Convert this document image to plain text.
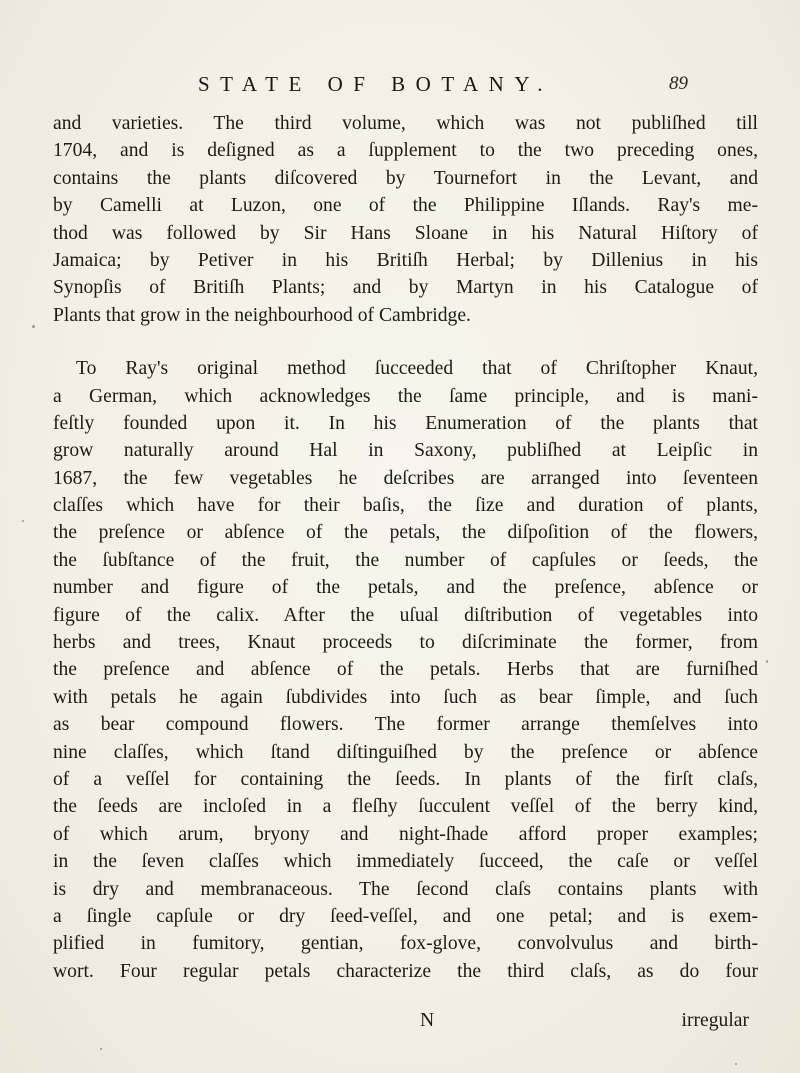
STATE OF BOTANY.	89
and varieties. The third volume, which was not publiſhed till
1704, and is deſigned as a ſupplement to the two preceding ones,
contains the plants diſcovered by Tournefort in the Levant, and
by Camelli at Luzon, one of the Philippine Iſlands. Ray's me-
thod was followed by Sir Hans Sloane in his Natural Hiſtory of
Jamaica; by Petiver in his Britiſh Herbal; by Dillenius in his
Synopſis of Britiſh Plants; and by Martyn in his Catalogue of
Plants that grow in the neighbourhood of Cambridge.
To Ray's original method ſucceeded that of Chriſtopher Knaut,
a German, which acknowledges the ſame principle, and is mani-
feſtly founded upon it. In his Enumeration of the plants that
grow naturally around Hal in Saxony, publiſhed at Leipſic in
1687, the few vegetables he deſcribes are arranged into ſeventeen
claſſes which have for their baſis, the ſize and duration of plants,
the preſence or abſence of the petals, the diſpoſition of the flowers,
the ſubſtance of the fruit, the number of capſules or ſeeds, the
number and figure of the petals, and the preſence, abſence or
figure of the calix. After the uſual diſtribution of vegetables into
herbs and trees, Knaut proceeds to diſcriminate the former, from
the preſence and abſence of the petals. Herbs that are furniſhed
with petals he again ſubdivides into ſuch as bear ſimple, and ſuch
as bear compound flowers. The former arrange themſelves into
nine claſſes, which ſtand diſtinguiſhed by the preſence or abſence
of a veſſel for containing the ſeeds. In plants of the firſt claſs,
the ſeeds are incloſed in a fleſhy ſucculent veſſel of the berry kind,
of which arum, bryony and night-ſhade afford proper examples;
in the ſeven claſſes which immediately ſucceed, the caſe or veſſel
is dry and membranaceous. The ſecond claſs contains plants with
a ſingle capſule or dry ſeed-veſſel, and one petal; and is exem-
plified in fumitory, gentian, fox-glove, convolvulus and birth-
wort. Four regular petals characterize the third claſs, as do four
N	irregular
